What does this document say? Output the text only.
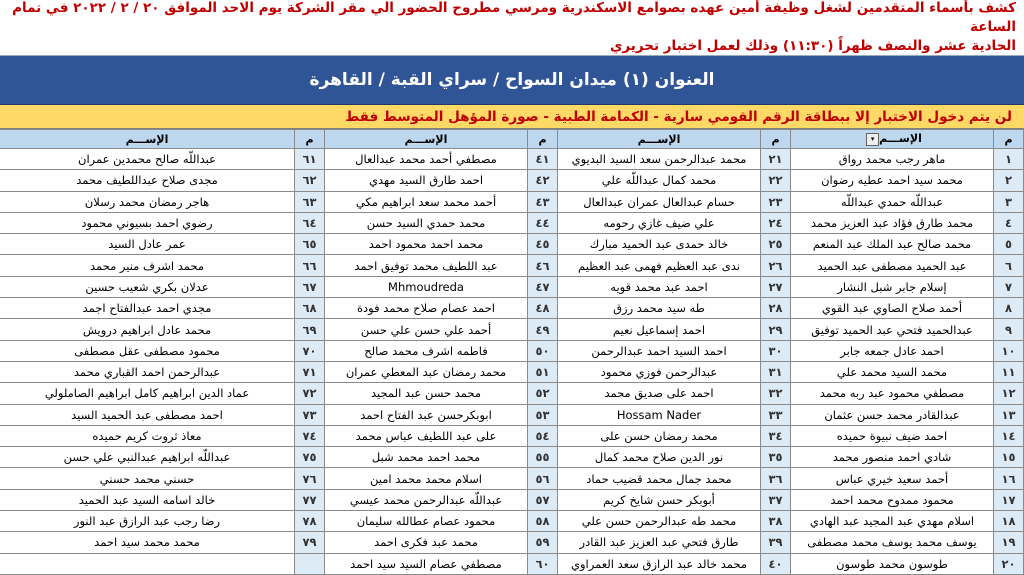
كشف بأسماء المتقدمين لشغل وظيفة أمين عهده بصوامع الاسكندرية ومرسي مطروح الحضور الي مقر الشركة يوم الاحد الموافق ٢٠ / ٢ / ٢٠٢٢ في تمام الساعة
الحادية عشر والنصف ظهراً (١١:٣٠) وذلك لعمل اختبار تحريري
العنوان (١) ميدان السواح / سراي القبة / القاهرة
لن يتم دخول الاختبار إلا ببطاقة الرقم القومي سارية - الكمامة الطبية - صورة المؤهل المتوسط فقط
م	الإســـم▾	م	الإســـم	م	الإســـم	م	الإســـم
١	ماهر رجب محمد رواق	٢١	محمد عبدالرحمن سعد السيد البديوي	٤١	مصطفي أحمد محمد عبدالعال	٦١	عبداللّه صالح محمدين عمران
٢	محمد سيد احمد عطيه رضوان	٢٢	محمد كمال عبداللّه علي	٤٢	احمد طارق السيد مهدي	٦٢	مجدى صلاح عبداللطيف محمد
٣	عبداللّه حمدي عبداللّه	٢٣	حسام عبدالعال عمران عبدالعال	٤٣	أحمد محمد سعد ابراهيم مكي	٦٣	هاجر رمضان محمد رسلان
٤	محمد طارق فؤاد عبد العزيز محمد	٢٤	علي ضيف غازي رحومه	٤٤	محمد حمدي السيد حسن	٦٤	رضوي احمد بسيوني محمود
٥	محمد صالح عبد الملك عبد المنعم	٢٥	خالد حمدى عبد الحميد مبارك	٤٥	محمد احمد محمود احمد	٦٥	عمر عادل السيد
٦	عبد الحميد مصطفى عبد الحميد	٢٦	ندى عبد العظيم فهمى عبد العظيم	٤٦	عبد اللطيف محمد توفيق احمد	٦٦	محمد اشرف منير محمد
٧	إسلام جابر شبل النشار	٢٧	احمد عبد محمد قويه	٤٧	Mhmoudreda	٦٧	عدلان بكري شعيب حسين
٨	أحمد صلاح الصاوي عبد القوي	٢٨	طه سيد محمد رزق	٤٨	احمد عصام صلاح محمد فودة	٦٨	مجدي احمد عبدالفتاح اجمد
٩	عبدالحميد فتحي عبد الحميد توفيق	٢٩	احمد إسماعيل نعيم	٤٩	أحمد علي حسن علي حسن	٦٩	محمد عادل ابراهيم درويش
١٠	احمد عادل جمعه جابر	٣٠	احمد السيد احمد عبدالرحمن	٥٠	فاطمه اشرف محمد صالح	٧٠	محمود مصطفى عقل مصطفى
١١	محمد السيد محمد علي	٣١	عبدالرحمن فوزي محمود	٥١	محمد رمضان عبد المعطي عمران	٧١	عبدالرحمن احمد القباري محمد
١٢	مصطفي محمود عبد ربه محمد	٣٢	احمد على صديق محمد	٥٢	محمد حسن عبد المجيد	٧٢	عماد الدين ابراهيم كامل ابراهيم الصاملولي
١٣	عبدالقادر محمد حسن عثمان	٣٣	Hossam Nader	٥٣	ابوبكرحسن عبد الفتاح احمد	٧٣	احمد مصطفى عبد الحميد السيد
١٤	احمد ضيف نبيوة حميده	٣٤	محمد رمضان حسن على	٥٤	على عبد اللطيف عباس محمد	٧٤	معاذ ثروت كريم حميده
١٥	شادي احمد منصور محمد	٣٥	نور الدين صلاح محمد كمال	٥٥	محمد احمد محمد شبل	٧٥	عبداللّه ابراهيم عبدالنبي علي حسن
١٦	أحمد سعيد خيري عباس	٣٦	محمد جمال محمد قضيب حماد	٥٦	اسلام محمد محمد امين	٧٦	حسني محمد حسني
١٧	محمود ممدوح محمد احمد	٣٧	أبوبكر حسن شايخ كريم	٥٧	عبداللّه عبدالرحمن محمد عيسي	٧٧	خالد اسامه السيد عبد الحميد
١٨	اسلام مهدي عبد المجيد عبد الهادي	٣٨	محمد طه عبدالرحمن حسن علي	٥٨	محمود عصام عطالله سليمان	٧٨	رضا رجب عبد الرازق عبد النور
١٩	يوسف محمد يوسف محمد مصطفى	٣٩	طارق فتحي عبد العزيز عبد القادر	٥٩	محمد عبد فكرى احمد	٧٩	محمد محمد سيد احمد
٢٠	طوسون محمد طوسون	٤٠	محمد خالد عبد الرازق سعد العمراوي	٦٠	مصطفي عصام السيد سيد احمد		
